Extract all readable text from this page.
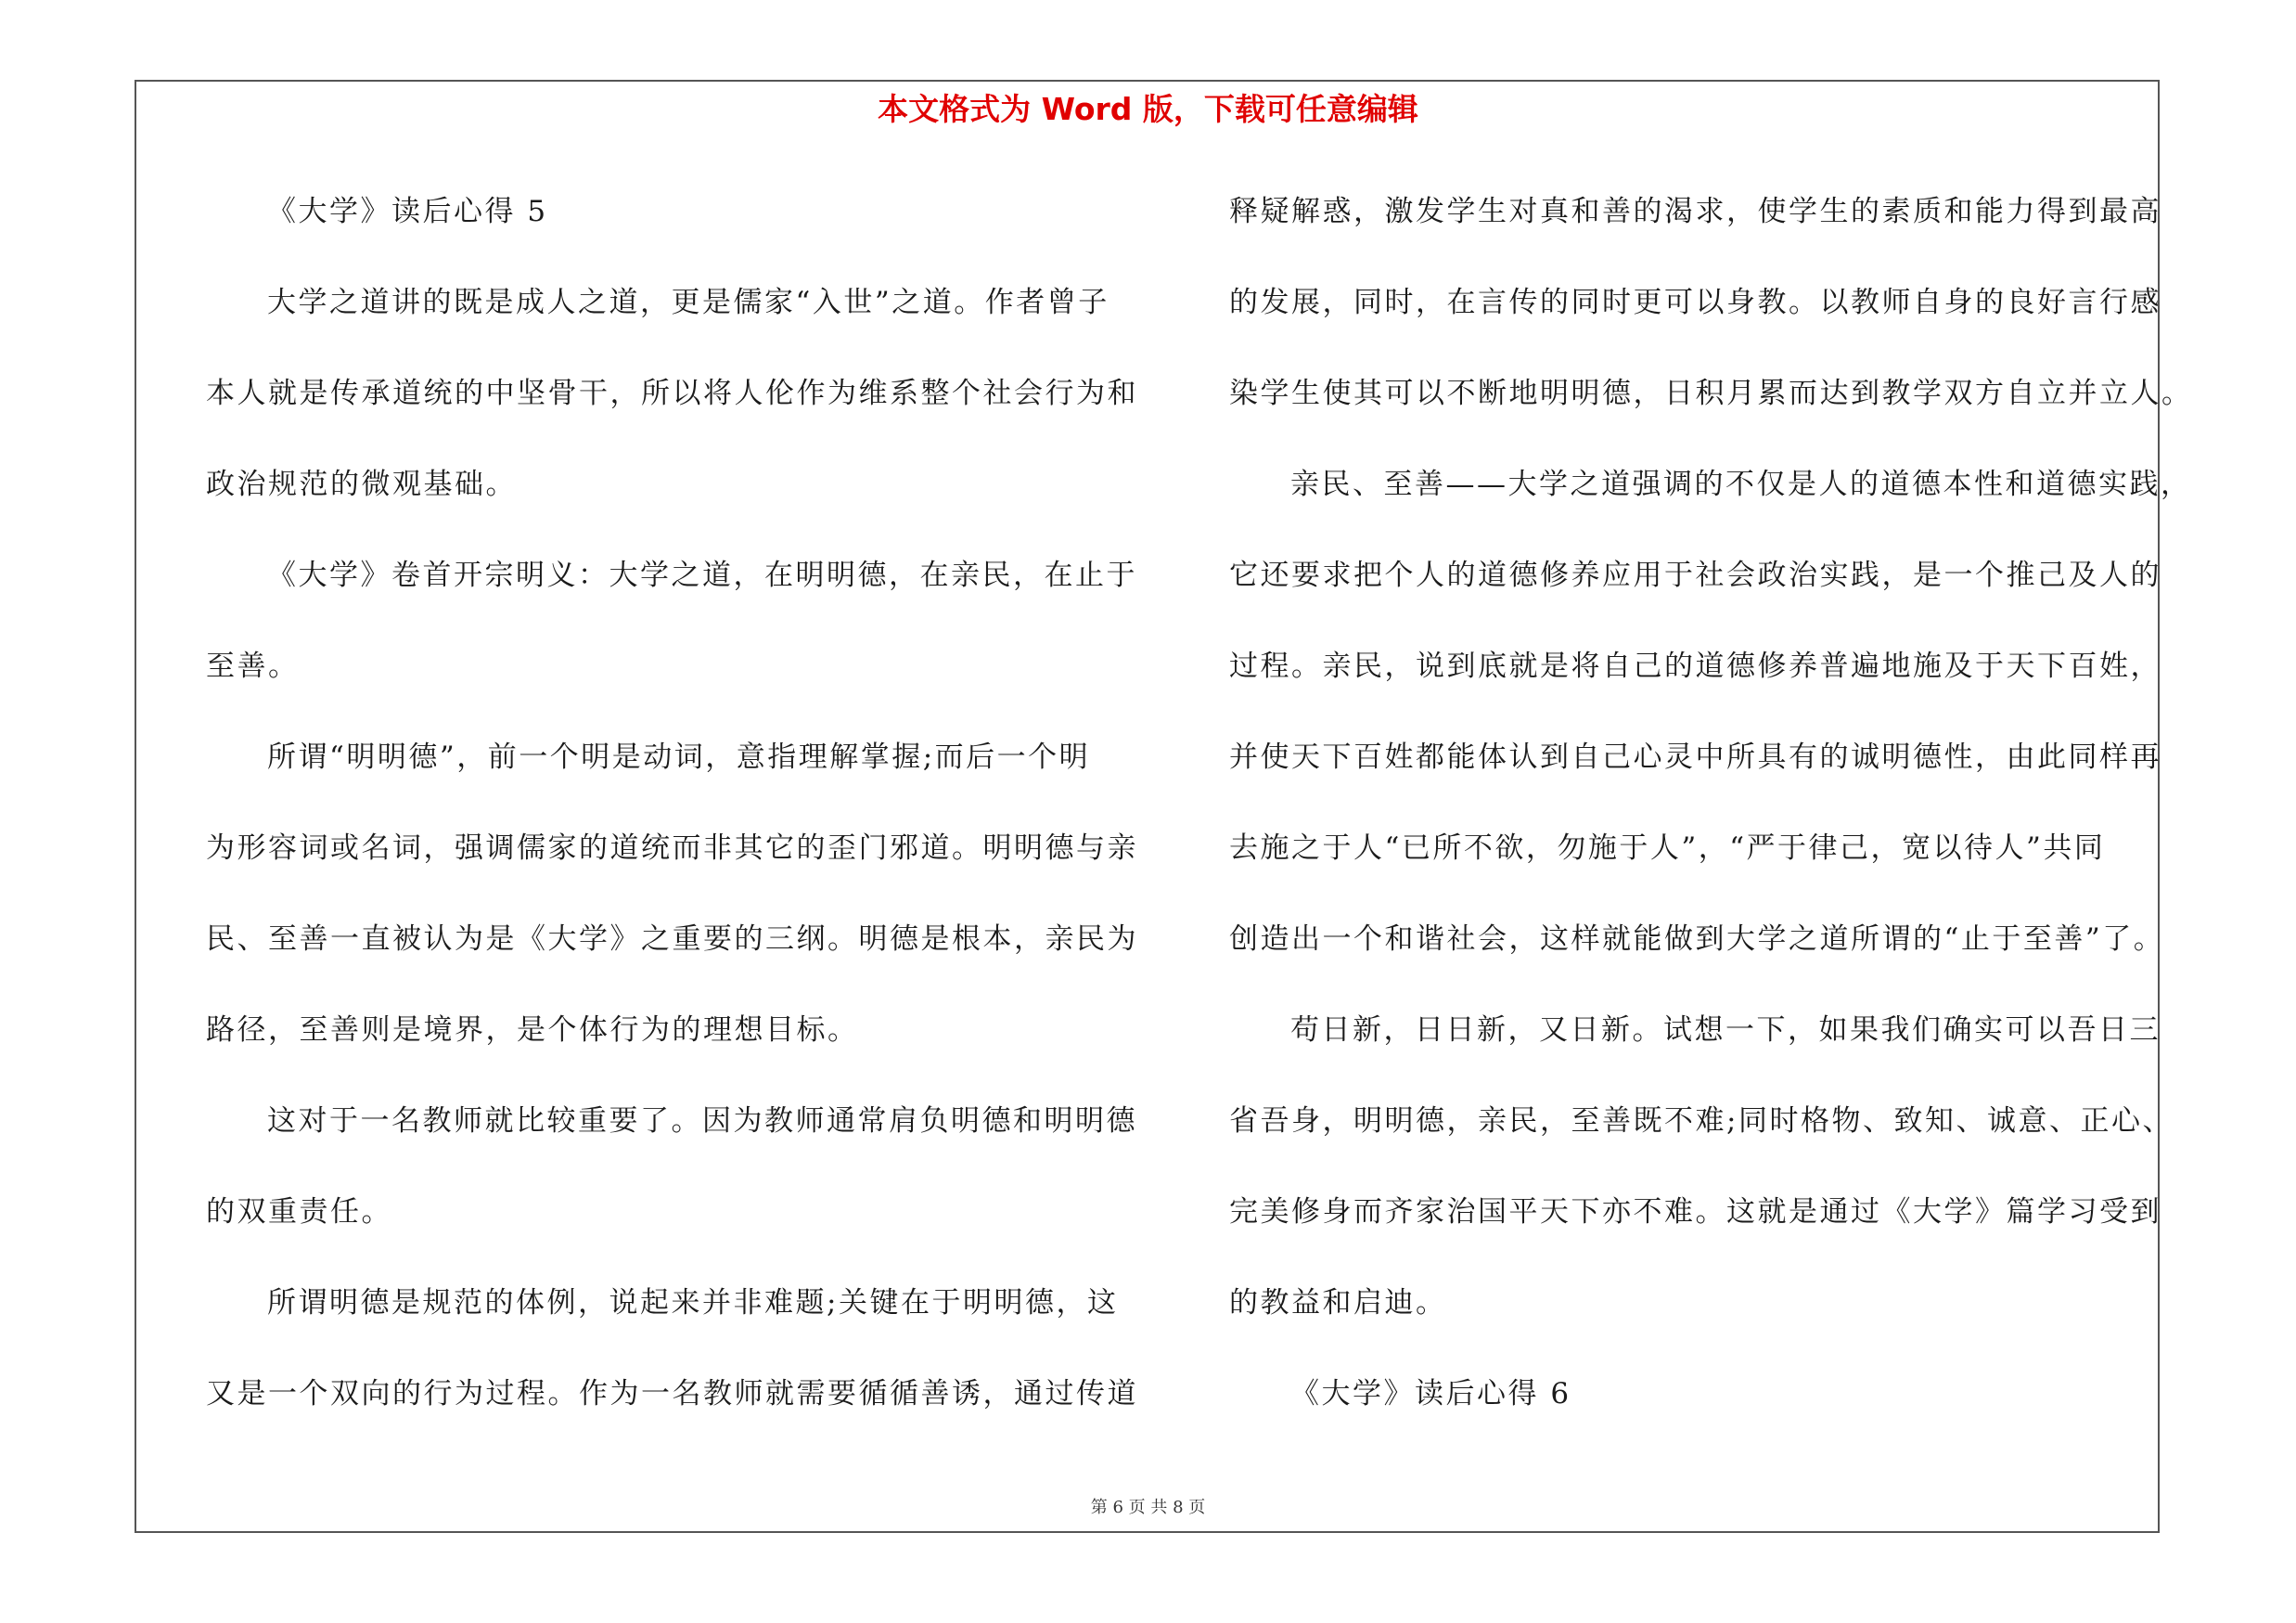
本文格式为 Word 版，下载可任意编辑
《大学》读后心得 5
大学之道讲的既是成人之道，更是儒家“入世”之道。作者曾子
本人就是传承道统的中坚骨干，所以将人伦作为维系整个社会行为和
政治规范的微观基础。
《大学》卷首开宗明义：大学之道，在明明德，在亲民，在止于
至善。
所谓“明明德”，前一个明是动词，意指理解掌握;而后一个明
为形容词或名词，强调儒家的道统而非其它的歪门邪道。明明德与亲
民、至善一直被认为是《大学》之重要的三纲。明德是根本，亲民为
路径，至善则是境界，是个体行为的理想目标。
这对于一名教师就比较重要了。因为教师通常肩负明德和明明德
的双重责任。
所谓明德是规范的体例，说起来并非难题;关键在于明明德，这
又是一个双向的行为过程。作为一名教师就需要循循善诱，通过传道
释疑解惑，激发学生对真和善的渴求，使学生的素质和能力得到最高
的发展，同时，在言传的同时更可以身教。以教师自身的良好言行感
染学生使其可以不断地明明德，日积月累而达到教学双方自立并立人。
亲民、至善——大学之道强调的不仅是人的道德本性和道德实践，
它还要求把个人的道德修养应用于社会政治实践，是一个推己及人的
过程。亲民，说到底就是将自己的道德修养普遍地施及于天下百姓，
并使天下百姓都能体认到自己心灵中所具有的诚明德性，由此同样再
去施之于人“已所不欲，勿施于人”，“严于律己，宽以待人”共同
创造出一个和谐社会，这样就能做到大学之道所谓的“止于至善”了。
苟日新，日日新，又日新。试想一下，如果我们确实可以吾日三
省吾身，明明德，亲民，至善既不难;同时格物、致知、诚意、正心、
完美修身而齐家治国平天下亦不难。这就是通过《大学》篇学习受到
的教益和启迪。
《大学》读后心得 6
第 6 页 共 8 页
